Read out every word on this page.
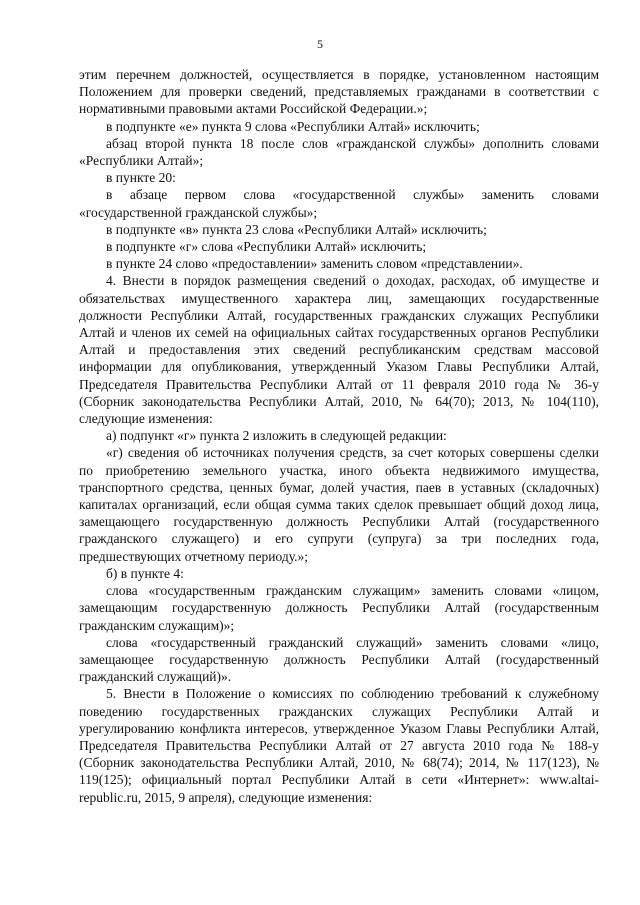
5

этим перечнем должностей, осуществляется в порядке, установленном настоящим Положением для проверки сведений, представляемых гражданами в соответствии с нормативными правовыми актами Российской Федерации.»;

в подпункте «е» пункта 9 слова «Республики Алтай» исключить;

абзац второй пункта 18 после слов «гражданской службы» дополнить словами «Республики Алтай»;

в пункте 20:

в абзаце первом слова «государственной службы» заменить словами «государственной гражданской службы»;

в подпункте «в» пункта 23 слова «Республики Алтай» исключить;

в подпункте «г» слова «Республики Алтай» исключить;

в пункте 24 слово «предоставлении» заменить словом «представлении».

4. Внести в порядок размещения сведений о доходах, расходах, об имуществе и обязательствах имущественного характера лиц, замещающих государственные должности Республики Алтай, государственных гражданских служащих Республики Алтай и членов их семей на официальных сайтах государственных органов Республики Алтай и предоставления этих сведений республиканским средствам массовой информации для опубликования, утвержденный Указом Главы Республики Алтай, Председателя Правительства Республики Алтай от 11 февраля 2010 года № 36-у (Сборник законодательства Республики Алтай, 2010, № 64(70); 2013, № 104(110), следующие изменения:

а) подпункт «г» пункта 2 изложить в следующей редакции:

«г) сведения об источниках получения средств, за счет которых совершены сделки по приобретению земельного участка, иного объекта недвижимого имущества, транспортного средства, ценных бумаг, долей участия, паев в уставных (складочных) капиталах организаций, если общая сумма таких сделок превышает общий доход лица, замещающего государственную должность Республики Алтай (государственного гражданского служащего) и его супруги (супруга) за три последних года, предшествующих отчетному периоду.»;

б) в пункте 4:

слова «государственным гражданским служащим» заменить словами «лицом, замещающим государственную должность Республики Алтай (государственным гражданским служащим)»;

слова «государственный гражданский служащий» заменить словами «лицо, замещающее государственную должность Республики Алтай (государственный гражданский служащий)».

5. Внести в Положение о комиссиях по соблюдению требований к служебному поведению государственных гражданских служащих Республики Алтай и урегулированию конфликта интересов, утвержденное Указом Главы Республики Алтай, Председателя Правительства Республики Алтай от 27 августа 2010 года № 188-у (Сборник законодательства Республики Алтай, 2010, № 68(74); 2014, № 117(123), № 119(125); официальный портал Республики Алтай в сети «Интернет»: www.altai-republic.ru, 2015, 9 апреля), следующие изменения:
